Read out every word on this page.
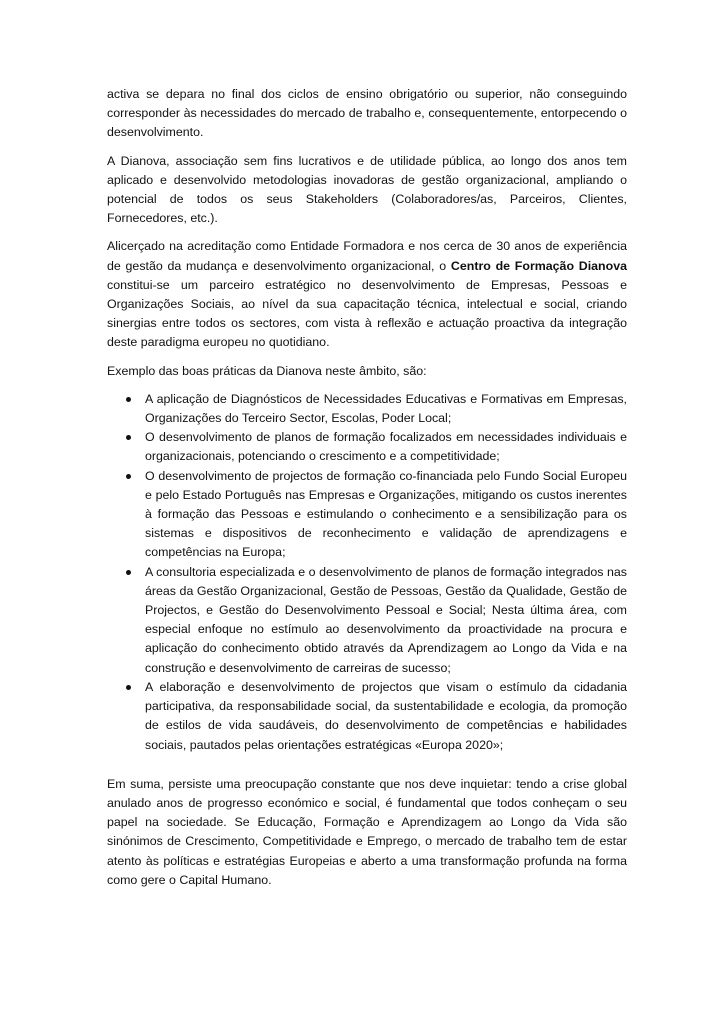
activa se depara no final dos ciclos de ensino obrigatório ou superior, não conseguindo corresponder às necessidades do mercado de trabalho e, consequentemente, entorpecendo o desenvolvimento.

A Dianova, associação sem fins lucrativos e de utilidade pública, ao longo dos anos tem aplicado e desenvolvido metodologias inovadoras de gestão organizacional, ampliando o potencial de todos os seus Stakeholders (Colaboradores/as, Parceiros, Clientes, Fornecedores, etc.).

Alicerçado na acreditação como Entidade Formadora e nos cerca de 30 anos de experiência de gestão da mudança e desenvolvimento organizacional, o Centro de Formação Dianova constitui-se um parceiro estratégico no desenvolvimento de Empresas, Pessoas e Organizações Sociais, ao nível da sua capacitação técnica, intelectual e social, criando sinergias entre todos os sectores, com vista à reflexão e actuação proactiva da integração deste paradigma europeu no quotidiano.

Exemplo das boas práticas da Dianova neste âmbito, são:

A aplicação de Diagnósticos de Necessidades Educativas e Formativas em Empresas, Organizações do Terceiro Sector, Escolas, Poder Local;
O desenvolvimento de planos de formação focalizados em necessidades individuais e organizacionais, potenciando o crescimento e a competitividade;
O desenvolvimento de projectos de formação co-financiada pelo Fundo Social Europeu e pelo Estado Português nas Empresas e Organizações, mitigando os custos inerentes à formação das Pessoas e estimulando o conhecimento e a sensibilização para os sistemas e dispositivos de reconhecimento e validação de aprendizagens e competências na Europa;
A consultoria especializada e o desenvolvimento de planos de formação integrados nas áreas da Gestão Organizacional, Gestão de Pessoas, Gestão da Qualidade, Gestão de Projectos, e Gestão do Desenvolvimento Pessoal e Social; Nesta última área, com especial enfoque no estímulo ao desenvolvimento da proactividade na procura e aplicação do conhecimento obtido através da Aprendizagem ao Longo da Vida e na construção e desenvolvimento de carreiras de sucesso;
A elaboração e desenvolvimento de projectos que visam o estímulo da cidadania participativa, da responsabilidade social, da sustentabilidade e ecologia, da promoção de estilos de vida saudáveis, do desenvolvimento de competências e habilidades sociais, pautados pelas orientações estratégicas «Europa 2020»;

Em suma, persiste uma preocupação constante que nos deve inquietar: tendo a crise global anulado anos de progresso económico e social, é fundamental que todos conheçam o seu papel na sociedade. Se Educação, Formação e Aprendizagem ao Longo da Vida são sinónimos de Crescimento, Competitividade e Emprego, o mercado de trabalho tem de estar atento às políticas e estratégias Europeias e aberto a uma transformação profunda na forma como gere o Capital Humano.
